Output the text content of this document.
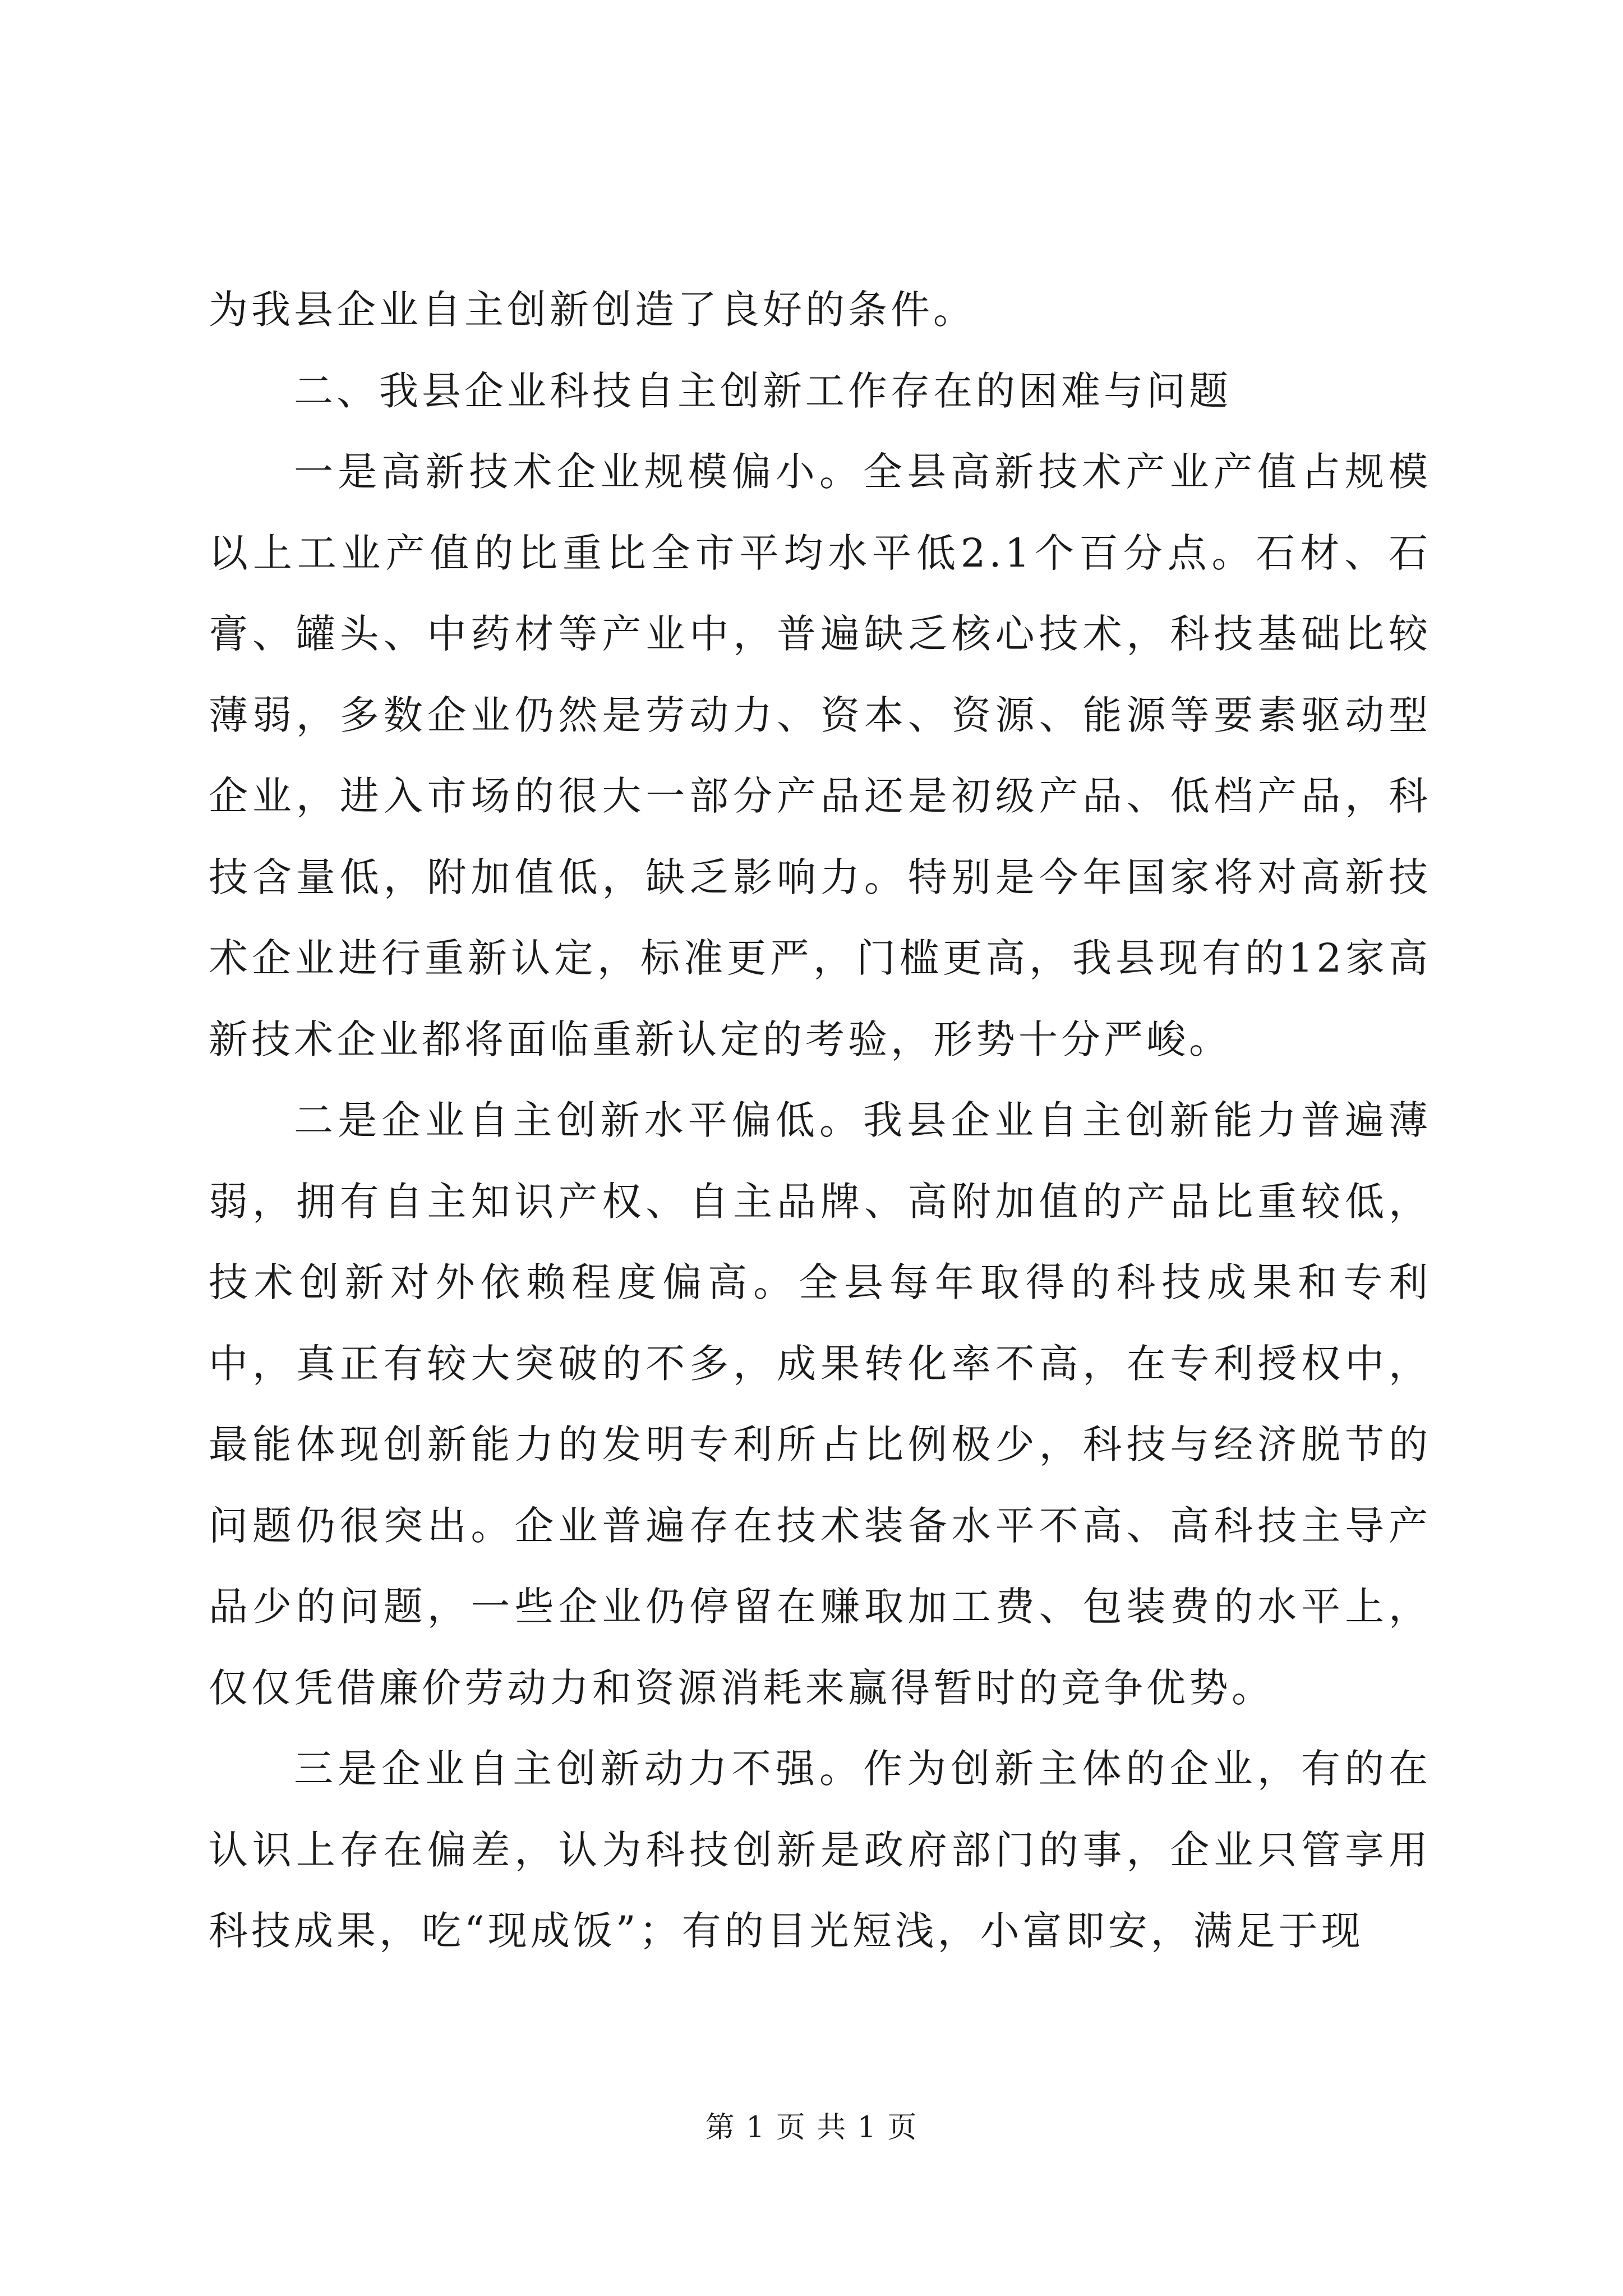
为我县企业自主创新创造了良好的条件。

二、我县企业科技自主创新工作存在的困难与问题

一是高新技术企业规模偏小。全县高新技术产业产值占规模以上工业产值的比重比全市平均水平低2.1个百分点。石材、石膏、罐头、中药材等产业中，普遍缺乏核心技术，科技基础比较薄弱，多数企业仍然是劳动力、资本、资源、能源等要素驱动型企业，进入市场的很大一部分产品还是初级产品、低档产品，科技含量低，附加值低，缺乏影响力。特别是今年国家将对高新技术企业进行重新认定，标准更严，门槛更高，我县现有的12家高新技术企业都将面临重新认定的考验，形势十分严峻。

二是企业自主创新水平偏低。我县企业自主创新能力普遍薄弱，拥有自主知识产权、自主品牌、高附加值的产品比重较低，技术创新对外依赖程度偏高。全县每年取得的科技成果和专利中，真正有较大突破的不多，成果转化率不高，在专利授权中，最能体现创新能力的发明专利所占比例极少，科技与经济脱节的问题仍很突出。企业普遍存在技术装备水平不高、高科技主导产品少的问题，一些企业仍停留在赚取加工费、包装费的水平上，仅仅凭借廉价劳动力和资源消耗来赢得暂时的竞争优势。

三是企业自主创新动力不强。作为创新主体的企业，有的在认识上存在偏差，认为科技创新是政府部门的事，企业只管享用科技成果，吃“现成饭”；有的目光短浅，小富即安，满足于现

第 1 页 共 1 页
